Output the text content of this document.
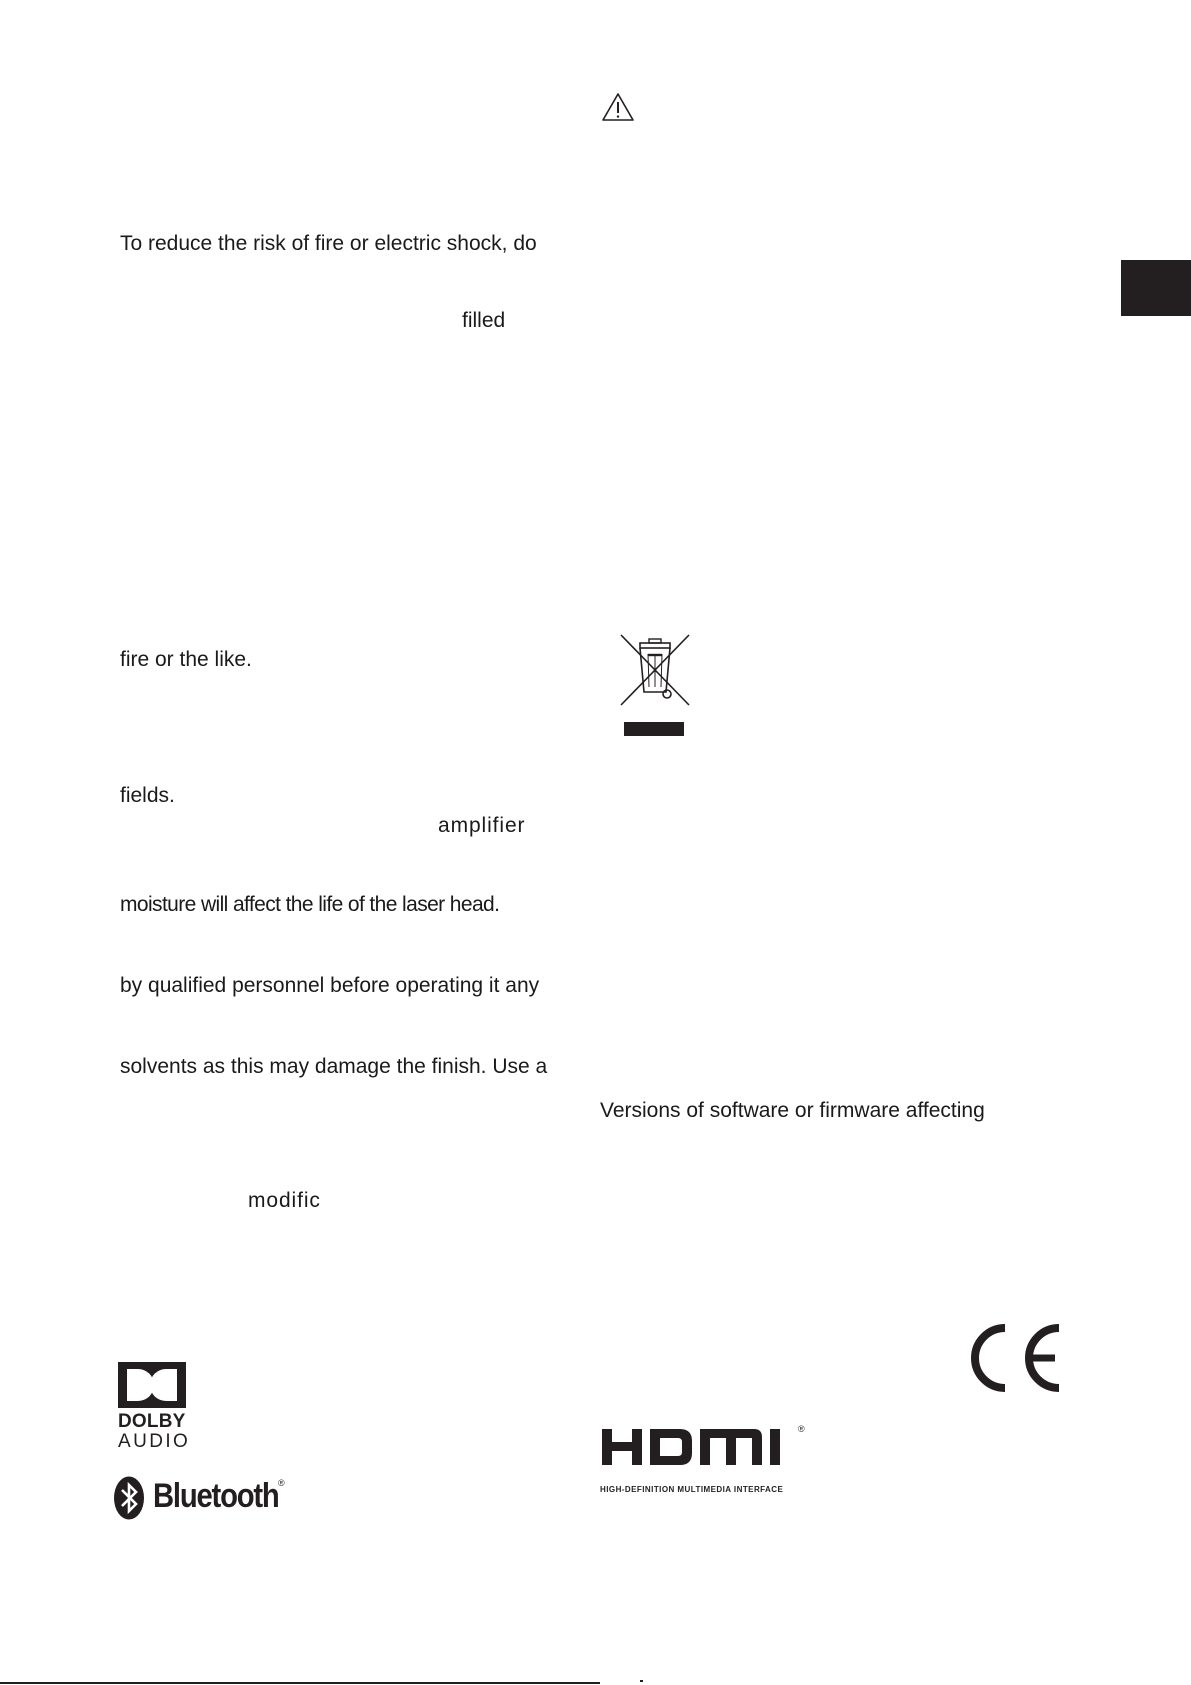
To reduce the risk of fire or electric shock, do

filled

fire or the like.

fields.

amplifier

moisture will affect the life of the laser head.

by qualified personnel before operating it any

solvents as this may damage the finish. Use a

modific

Versions of software or firmware affecting

DOLBY
AUDIO
Bluetooth ®
®
HIGH-DEFINITION MULTIMEDIA INTERFACE
